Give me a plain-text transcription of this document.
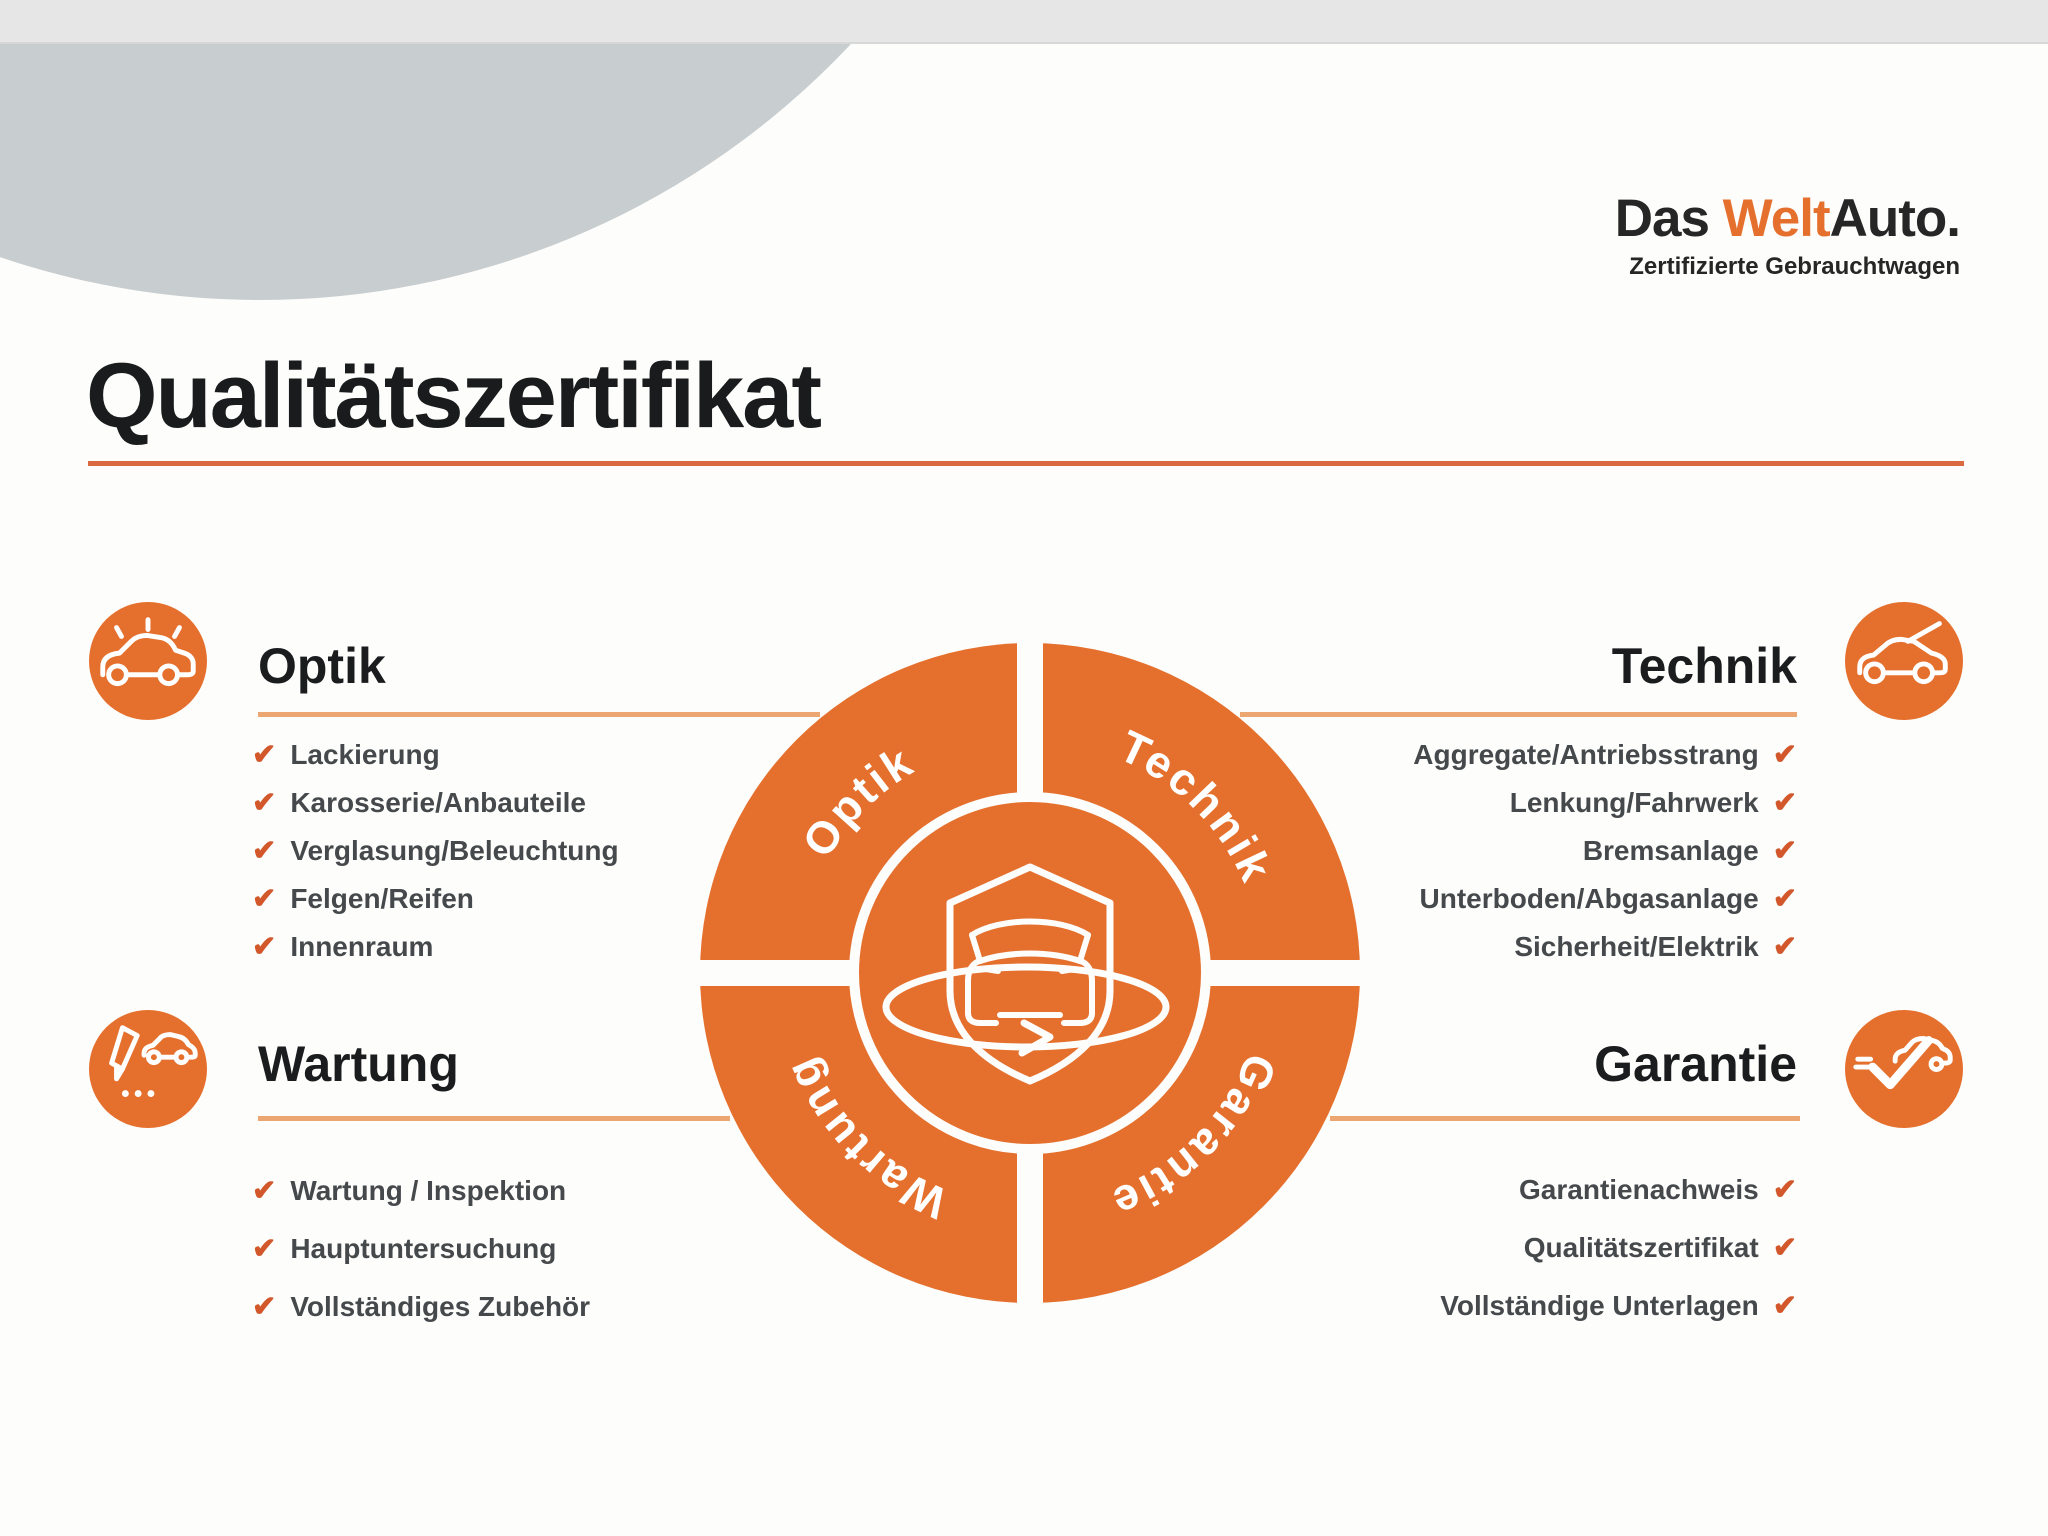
Das WeltAuto.
Zertifizierte Gebrauchtwagen
Qualitätszertifikat
Optik
✔ Lackierung
✔ Karosserie/Anbauteile
✔ Verglasung/Beleuchtung
✔ Felgen/Reifen
✔ Innenraum
Technik
Aggregate/Antriebsstrang ✔
Lenkung/Fahrwerk ✔
Bremsanlage ✔
Unterboden/Abgasanlage ✔
Sicherheit/Elektrik ✔
Wartung
✔ Wartung / Inspektion
✔ Hauptuntersuchung
✔ Vollständiges Zubehör
Garantie
Garantienachweis ✔
Qualitätszertifikat ✔
Vollständige Unterlagen ✔
Optik	Technik
Garantie
Wartung
